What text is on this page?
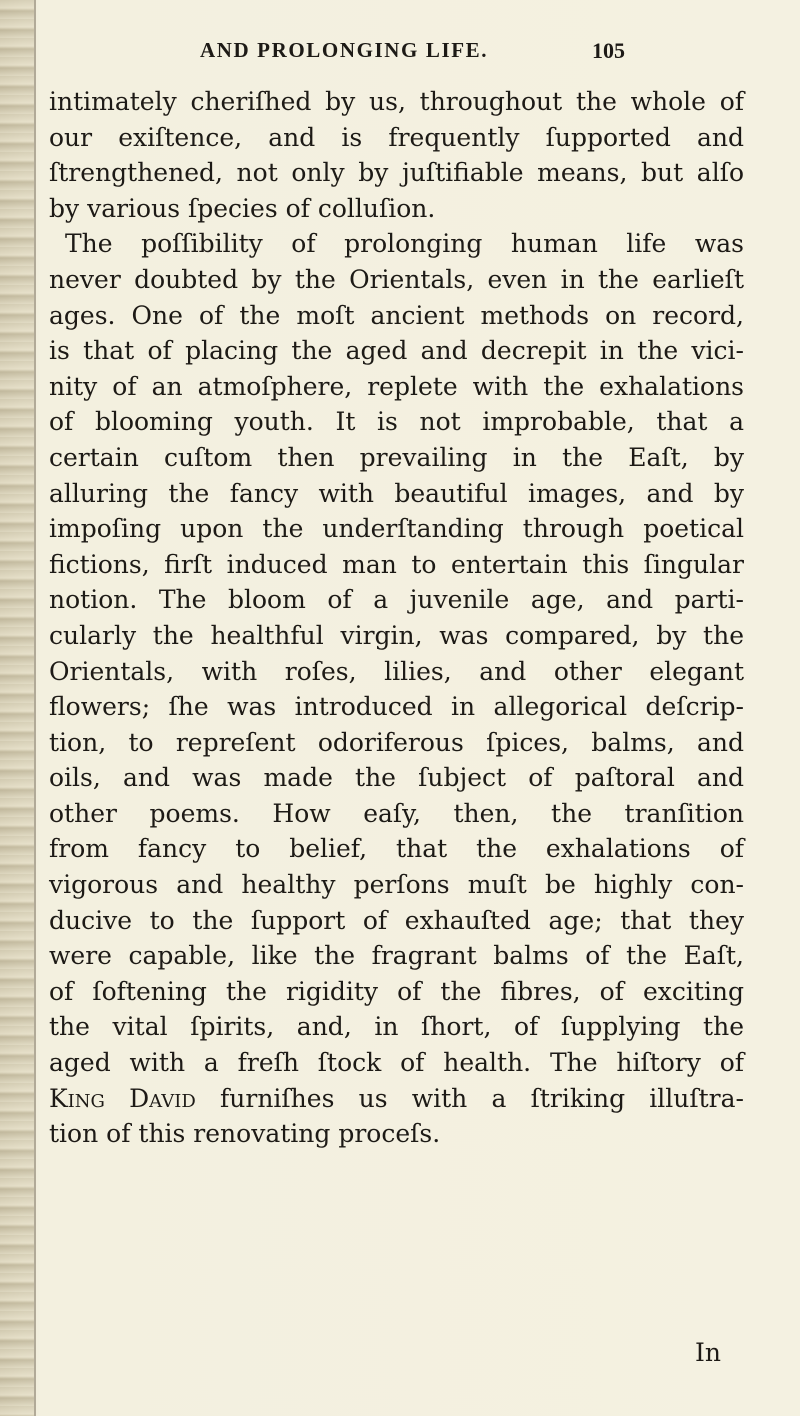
AND PROLONGING LIFE.	105
intimately cheriſhed by us, throughout the whole of
our exiſtence, and is frequently ſupported and
ſtrengthened, not only by juſtifiable means, but alſo
by various ſpecies of colluſion.
The poſſibility of prolonging human life was
never doubted by the Orientals, even in the earlieſt
ages. One of the moſt ancient methods on record,
is that of placing the aged and decrepit in the vici-
nity of an atmoſphere, replete with the exhalations
of blooming youth. It is not improbable, that a
certain cuſtom then prevailing in the Eaſt, by
alluring the fancy with beautiful images, and by
impoſing upon the underſtanding through poetical
fictions, firſt induced man to entertain this ſingular
notion. The bloom of a juvenile age, and parti-
cularly the healthful virgin, was compared, by the
Orientals, with roſes, lilies, and other elegant
flowers; ſhe was introduced in allegorical deſcrip-
tion, to repreſent odoriferous ſpices, balms, and
oils, and was made the ſubject of paſtoral and
other poems. How eaſy, then, the tranſition
from fancy to belief, that the exhalations of
vigorous and healthy perſons muſt be highly con-
ducive to the ſupport of exhauſted age; that they
were capable, like the fragrant balms of the Eaſt,
of ſoftening the rigidity of the fibres, of exciting
the vital ſpirits, and, in ſhort, of ſupplying the
aged with a freſh ſtock of health. The hiſtory of
King David furniſhes us with a ſtriking illuſtra-
tion of this renovating proceſs.
In
